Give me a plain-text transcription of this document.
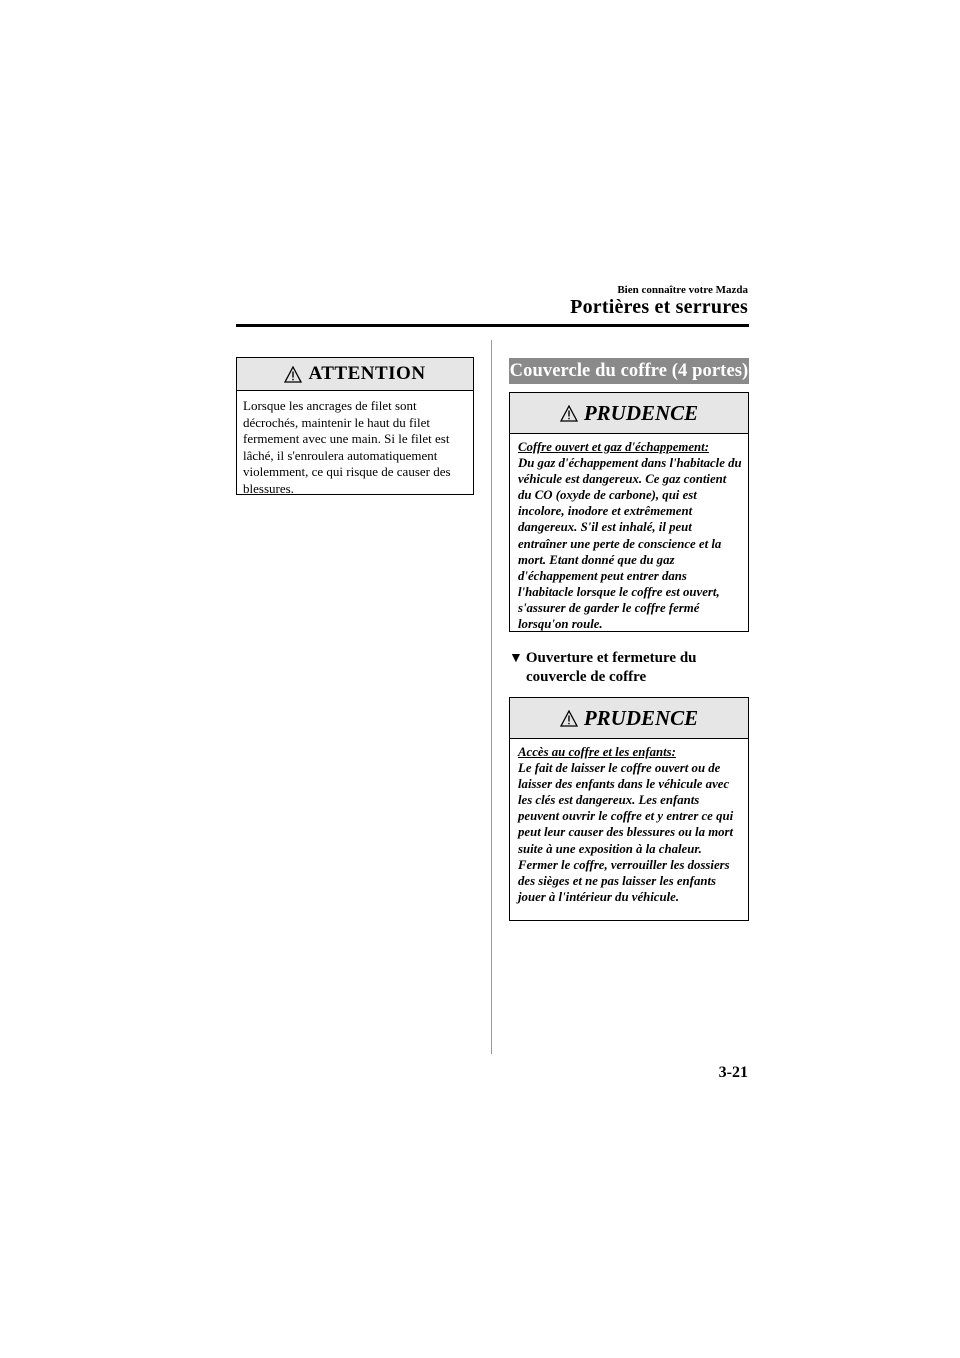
Bien connaître votre Mazda
Portières et serrures
ATTENTION
Lorsque les ancrages de filet sont décrochés, maintenir le haut du filet fermement avec une main. Si le filet est lâché, il s'enroulera automatiquement violemment, ce qui risque de causer des blessures.
Couvercle du coffre (4 portes)
PRUDENCE
Coffre ouvert et gaz d'échappement:
Du gaz d'échappement dans l'habitacle du véhicule est dangereux. Ce gaz contient du CO (oxyde de carbone), qui est incolore, inodore et extrêmement dangereux. S'il est inhalé, il peut entraîner une perte de conscience et la mort. Etant donné que du gaz d'échappement peut entrer dans l'habitacle lorsque le coffre est ouvert, s'assurer de garder le coffre fermé lorsqu'on roule.
▼ Ouverture et fermeture du
couvercle de coffre
PRUDENCE
Accès au coffre et les enfants:
Le fait de laisser le coffre ouvert ou de laisser des enfants dans le véhicule avec les clés est dangereux. Les enfants peuvent ouvrir le coffre et y entrer ce qui peut leur causer des blessures ou la mort suite à une exposition à la chaleur. Fermer le coffre, verrouiller les dossiers des sièges et ne pas laisser les enfants jouer à l'intérieur du véhicule.
3-21
